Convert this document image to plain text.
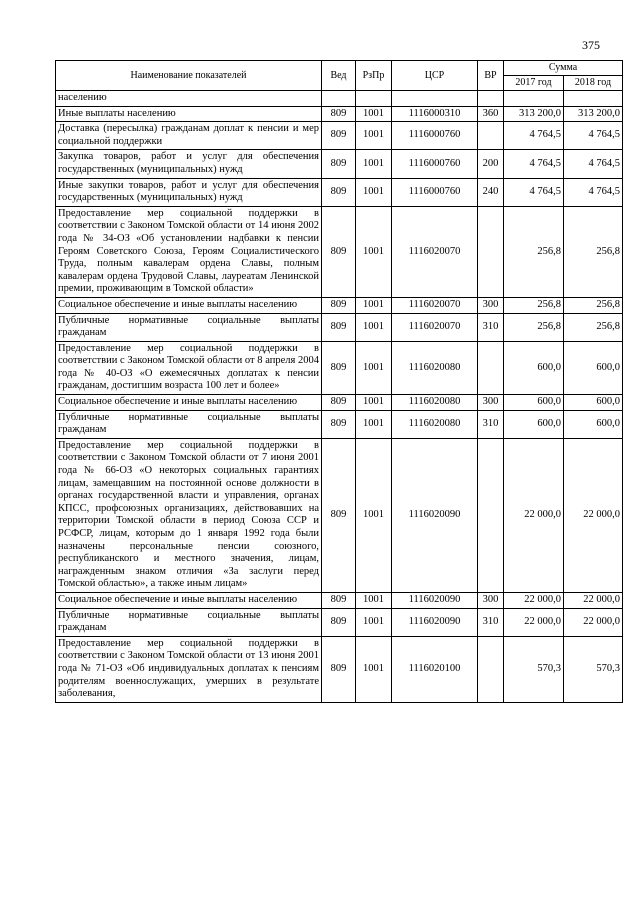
375
Наименование показателей	Вед	РзПр	ЦСР	ВР	Сумма	
					2017 год	2018 год
населению						
Иные выплаты населению	809	1001	1116000310	360	313 200,0	313 200,0
Доставка (пересылка) гражданам доплат к пенсии и мер социальной поддержки	809	1001	1116000760		4 764,5	4 764,5
Закупка товаров, работ и услуг для обеспечения государственных (муниципальных) нужд	809	1001	1116000760	200	4 764,5	4 764,5
Иные закупки товаров, работ и услуг для обеспечения государственных (муниципальных) нужд	809	1001	1116000760	240	4 764,5	4 764,5
Предоставление мер социальной поддержки в соответствии с Законом Томской области от 14 июня 2002 года № 34-ОЗ «Об установлении надбавки к пенсии Героям Советского Союза, Героям Социалистического Труда, полным кавалерам ордена Славы, полным кавалерам ордена Трудовой Славы, лауреатам Ленинской премии, проживающим в Томской области»	809	1001	1116020070		256,8	256,8
Социальное обеспечение и иные выплаты населению	809	1001	1116020070	300	256,8	256,8
Публичные нормативные социальные выплаты гражданам	809	1001	1116020070	310	256,8	256,8
Предоставление мер социальной поддержки в соответствии с Законом Томской области от 8 апреля 2004 года № 40-ОЗ «О ежемесячных доплатах к пенсии гражданам, достигшим возраста 100 лет и более»	809	1001	1116020080		600,0	600,0
Социальное обеспечение и иные выплаты населению	809	1001	1116020080	300	600,0	600,0
Публичные нормативные социальные выплаты гражданам	809	1001	1116020080	310	600,0	600,0
Предоставление мер социальной поддержки в соответствии с Законом Томской области от 7 июня 2001 года № 66-ОЗ «О некоторых социальных гарантиях лицам, замещавшим на постоянной основе должности в органах государственной власти и управления, органах КПСС, профсоюзных организациях, действовавших на территории Томской области в период Союза ССР и РСФСР, лицам, которым до 1 января 1992 года были назначены персональные пенсии союзного, республиканского и местного значения, лицам, награжденным знаком отличия «За заслуги перед Томской областью», а также иным лицам»	809	1001	1116020090		22 000,0	22 000,0
Социальное обеспечение и иные выплаты населению	809	1001	1116020090	300	22 000,0	22 000,0
Публичные нормативные социальные выплаты гражданам	809	1001	1116020090	310	22 000,0	22 000,0
Предоставление мер социальной поддержки в соответствии с Законом Томской области от 13 июня 2001 года № 71-ОЗ «Об индивидуальных доплатах к пенсиям родителям военнослужащих, умерших в результате заболевания,	809	1001	1116020100		570,3	570,3
